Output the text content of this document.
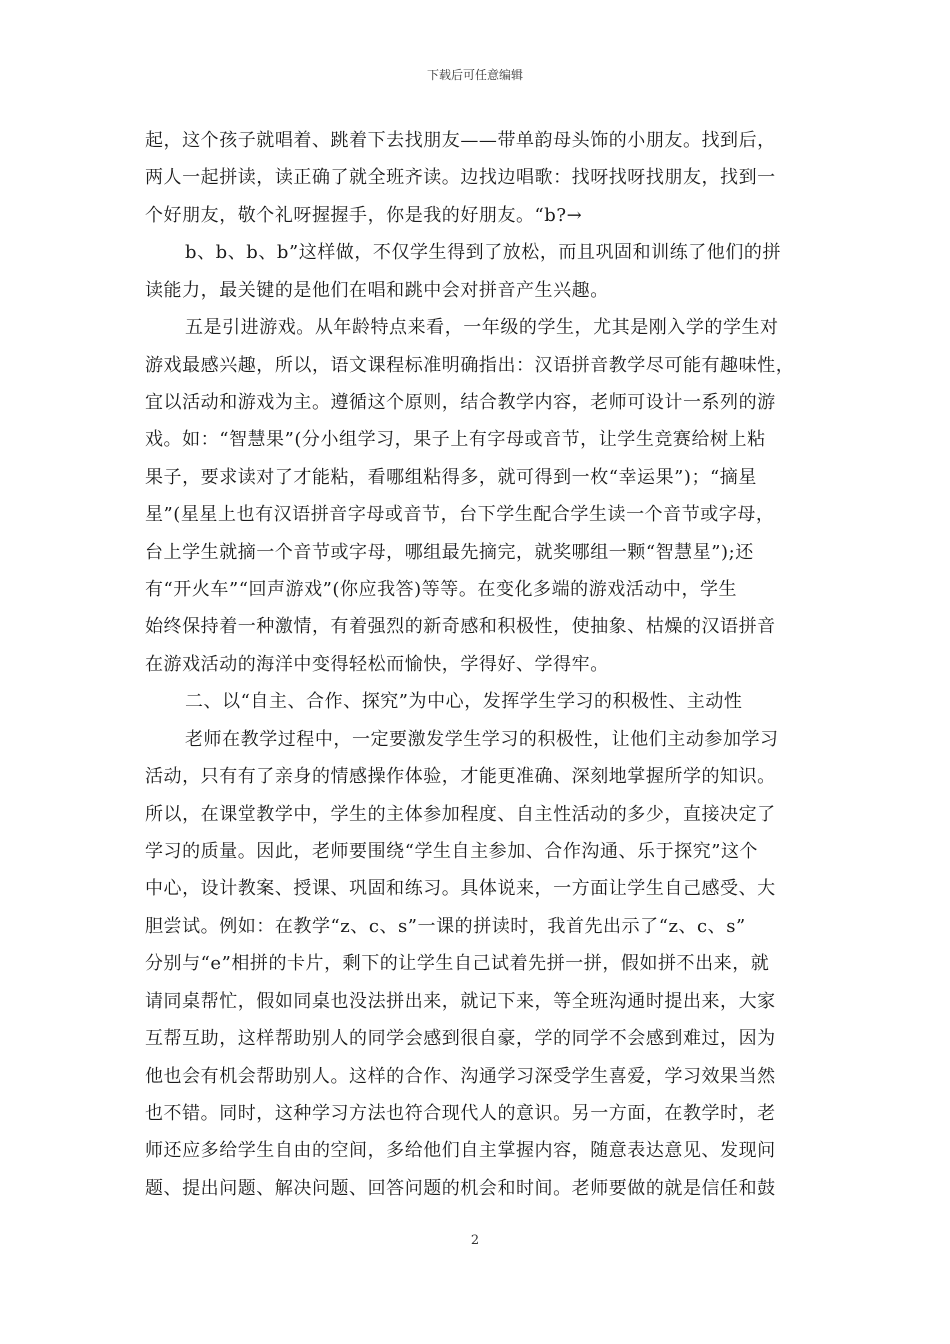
下载后可任意编辑
起，这个孩子就唱着、跳着下去找朋友——带单韵母头饰的小朋友。找到后，
两人一起拼读，读正确了就全班齐读。边找边唱歌：找呀找呀找朋友，找到一
个好朋友，敬个礼呀握握手，你是我的好朋友。“b?→
b、b、b、b”这样做，不仅学生得到了放松，而且巩固和训练了他们的拼
读能力，最关键的是他们在唱和跳中会对拼音产生兴趣。
五是引进游戏。从年龄特点来看，一年级的学生，尤其是刚入学的学生对
游戏最感兴趣，所以，语文课程标准明确指出：汉语拼音教学尽可能有趣味性，
宜以活动和游戏为主。遵循这个原则，结合教学内容，老师可设计一系列的游
戏。如：“智慧果”(分小组学习，果子上有字母或音节，让学生竞赛给树上粘
果子，要求读对了才能粘，看哪组粘得多，就可得到一枚“幸运果”)；“摘星
星”(星星上也有汉语拼音字母或音节，台下学生配合学生读一个音节或字母，
台上学生就摘一个音节或字母，哪组最先摘完，就奖哪组一颗“智慧星”);还
有“开火车”“回声游戏”(你应我答)等等。在变化多端的游戏活动中，学生
始终保持着一种激情，有着强烈的新奇感和积极性，使抽象、枯燥的汉语拼音
在游戏活动的海洋中变得轻松而愉快，学得好、学得牢。
二、以“自主、合作、探究”为中心，发挥学生学习的积极性、主动性
老师在教学过程中，一定要激发学生学习的积极性，让他们主动参加学习
活动，只有有了亲身的情感操作体验，才能更准确、深刻地掌握所学的知识。
所以，在课堂教学中，学生的主体参加程度、自主性活动的多少，直接决定了
学习的质量。因此，老师要围绕“学生自主参加、合作沟通、乐于探究”这个
中心，设计教案、授课、巩固和练习。具体说来，一方面让学生自己感受、大
胆尝试。例如：在教学“z、c、s”一课的拼读时，我首先出示了“z、c、s”
分别与“e”相拼的卡片，剩下的让学生自己试着先拼一拼，假如拼不出来，就
请同桌帮忙，假如同桌也没法拼出来，就记下来，等全班沟通时提出来，大家
互帮互助，这样帮助别人的同学会感到很自豪，学的同学不会感到难过，因为
他也会有机会帮助别人。这样的合作、沟通学习深受学生喜爱，学习效果当然
也不错。同时，这种学习方法也符合现代人的意识。另一方面，在教学时，老
师还应多给学生自由的空间，多给他们自主掌握内容，随意表达意见、发现问
题、提出问题、解决问题、回答问题的机会和时间。老师要做的就是信任和鼓
2
